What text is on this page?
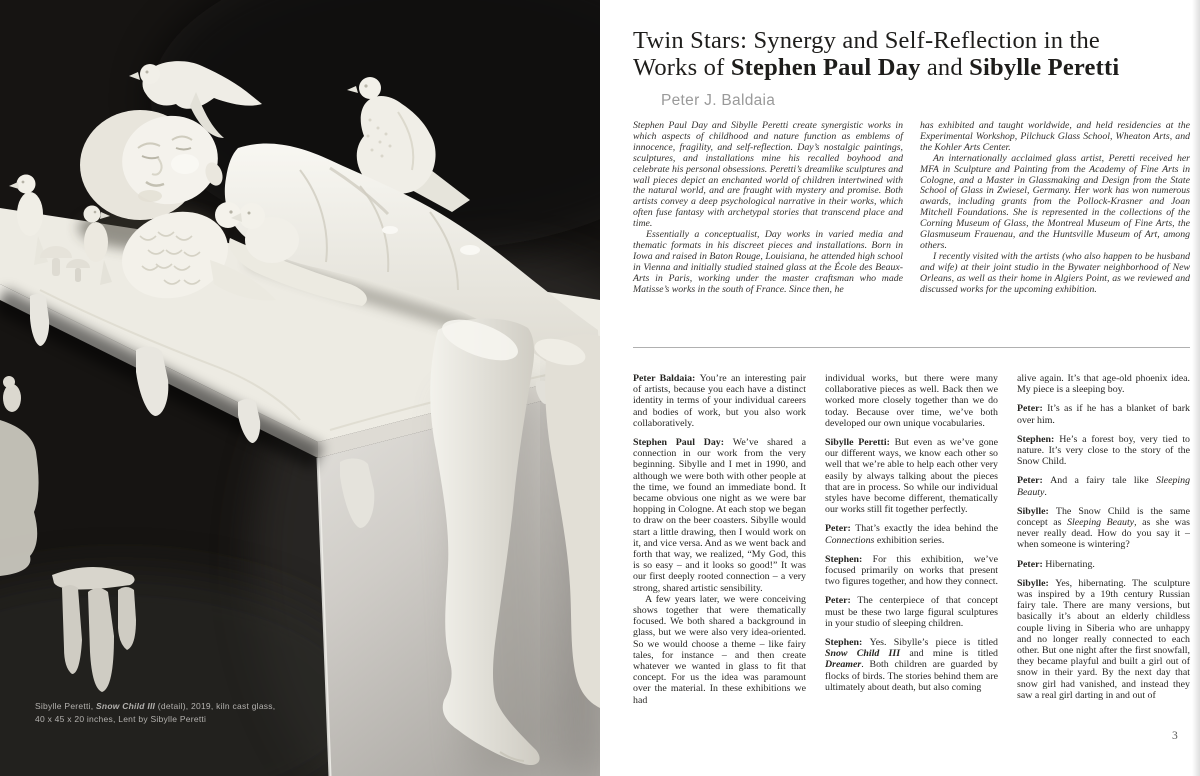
Sibylle Peretti, Snow Child III (detail), 2019, kiln cast glass,

40 x 45 x 20 inches, Lent by Sibylle Peretti

Twin Stars: Synergy and Self-Reflection in the

Works of Stephen Paul Day and Sibylle Peretti

Peter J. Baldaia

Stephen Paul Day and Sibylle Peretti create synergistic works in which aspects of childhood and nature function as emblems of innocence, fragility, and self-reflection. Day’s nostalgic paintings, sculptures, and installations mine his recalled boyhood and celebrate his personal obsessions. Peretti’s dreamlike sculptures and wall pieces depict an enchanted world of children intertwined with the natural world, and are fraught with mystery and promise. Both artists convey a deep psychological narrative in their works, which often fuse fantasy with archetypal stories that transcend place and time.

Essentially a conceptualist, Day works in varied media and thematic formats in his discreet pieces and installations. Born in Iowa and raised in Baton Rouge, Louisiana, he attended high school in Vienna and initially studied stained glass at the École des Beaux-Arts in Paris, working under the master craftsman who made Matisse’s works in the south of France. Since then, he

has exhibited and taught worldwide, and held residencies at the Experimental Workshop, Pilchuck Glass School, Wheaton Arts, and the Kohler Arts Center.

An internationally acclaimed glass artist, Peretti received her MFA in Sculpture and Painting from the Academy of Fine Arts in Cologne, and a Master in Glassmaking and Design from the State School of Glass in Zwiesel, Germany. Her work has won numerous awards, including grants from the Pollock-Krasner and Joan Mitchell Foundations. She is represented in the collections of the Corning Museum of Glass, the Montreal Museum of Fine Arts, the Glasmuseum Frauenau, and the Huntsville Museum of Art, among others.

I recently visited with the artists (who also happen to be husband and wife) at their joint studio in the Bywater neighborhood of New Orleans, as well as their home in Algiers Point, as we reviewed and discussed works for the upcoming exhibition.

Peter Baldaia: You’re an interesting pair of artists, because you each have a distinct identity in terms of your individual careers and bodies of work, but you also work collaboratively.

Stephen Paul Day: We’ve shared a connection in our work from the very beginning. Sibylle and I met in 1990, and although we were both with other people at the time, we found an immediate bond. It became obvious one night as we were bar hopping in Cologne. At each stop we began to draw on the beer coasters. Sibylle would start a little drawing, then I would work on it, and vice versa. And as we went back and forth that way, we realized, “My God, this is so easy – and it looks so good!” It was our first deeply rooted connection – a very strong, shared artistic sensibility.

A few years later, we were conceiving shows together that were thematically focused. We both shared a background in glass, but we were also very idea-oriented. So we would choose a theme – like fairy tales, for instance – and then create whatever we wanted in glass to fit that concept. For us the idea was paramount over the material. In these exhibitions we had

individual works, but there were many collaborative pieces as well. Back then we worked more closely together than we do today. Because over time, we’ve both developed our own unique vocabularies.

Sibylle Peretti: But even as we’ve gone our different ways, we know each other so well that we’re able to help each other very easily by always talking about the pieces that are in process. So while our individual styles have become different, thematically our works still fit together perfectly.

Peter: That’s exactly the idea behind the Connections exhibition series.

Stephen: For this exhibition, we’ve focused primarily on works that present two figures together, and how they connect.

Peter: The centerpiece of that concept must be these two large figural sculptures in your studio of sleeping children.

Stephen: Yes. Sibylle’s piece is titled Snow Child III and mine is titled Dreamer. Both children are guarded by flocks of birds. The stories behind them are ultimately about death, but also coming

alive again. It’s that age-old phoenix idea. My piece is a sleeping boy.

Peter: It’s as if he has a blanket of bark over him.

Stephen: He’s a forest boy, very tied to nature. It’s very close to the story of the Snow Child.

Peter: And a fairy tale like Sleeping Beauty.

Sibylle: The Snow Child is the same concept as Sleeping Beauty, as she was never really dead. How do you say it – when someone is wintering?

Peter: Hibernating.

Sibylle: Yes, hibernating. The sculpture was inspired by a 19th century Russian fairy tale. There are many versions, but basically it’s about an elderly childless couple living in Siberia who are unhappy and no longer really connected to each other. But one night after the first snowfall, they became playful and built a girl out of snow in their yard. By the next day that snow girl had vanished, and instead they saw a real girl darting in and out of

3
